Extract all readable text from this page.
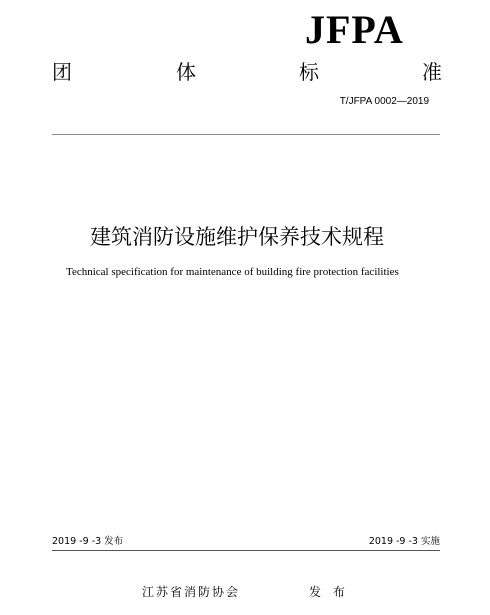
JFPA
团	体	标	准
T/JFPA 0002—2019
建筑消防设施维护保养技术规程
Technical specification for maintenance of building fire protection facilities
2019 -9 -3 发布	2019 -9 -3 实施
江苏省消防协会	发 布
